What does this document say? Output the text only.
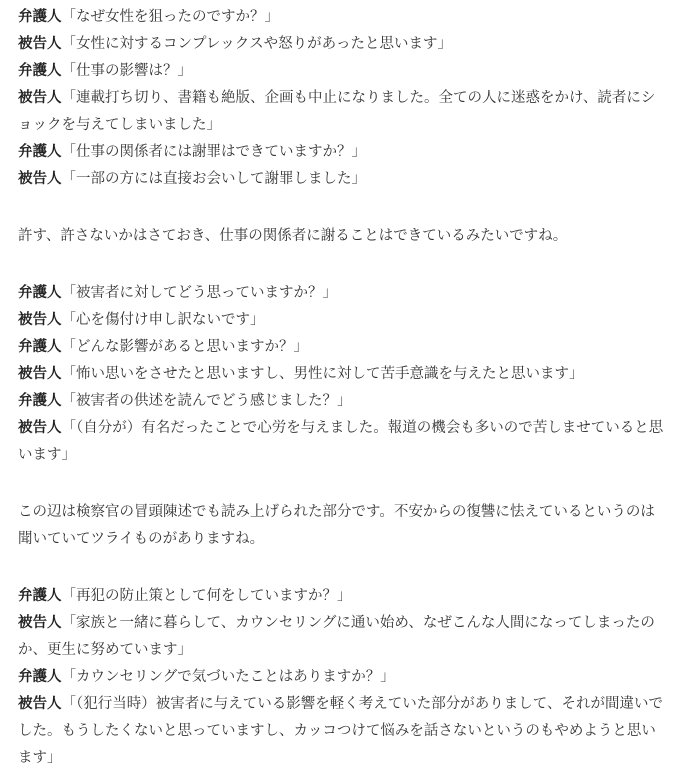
弁護人「なぜ女性を狙ったのですか？」
被告人「女性に対するコンプレックスや怒りがあったと思います」
弁護人「仕事の影響は？」
被告人「連載打ち切り、書籍も絶版、企画も中止になりました。全ての人に迷惑をかけ、読者にショックを与えてしまいました」
弁護人「仕事の関係者には謝罪はできていますか？」
被告人「一部の方には直接お会いして謝罪しました」
許す、許さないかはさておき、仕事の関係者に謝ることはできているみたいですね。
弁護人「被害者に対してどう思っていますか？」
被告人「心を傷付け申し訳ないです」
弁護人「どんな影響があると思いますか？」
被告人「怖い思いをさせたと思いますし、男性に対して苦手意識を与えたと思います」
弁護人「被害者の供述を読んでどう感じました？」
被告人「（自分が）有名だったことで心労を与えました。報道の機会も多いので苦しませていると思います」
この辺は検察官の冒頭陳述でも読み上げられた部分です。不安からの復讐に怯えているというのは聞いていてツライものがありますね。
弁護人「再犯の防止策として何をしていますか？」
被告人「家族と一緒に暮らして、カウンセリングに通い始め、なぜこんな人間になってしまったのか、更生に努めています」
弁護人「カウンセリングで気づいたことはありますか？」
被告人「（犯行当時）被害者に与えている影響を軽く考えていた部分がありまして、それが間違いでした。もうしたくないと思っていますし、カッコつけて悩みを話さないというのもやめようと思います」
